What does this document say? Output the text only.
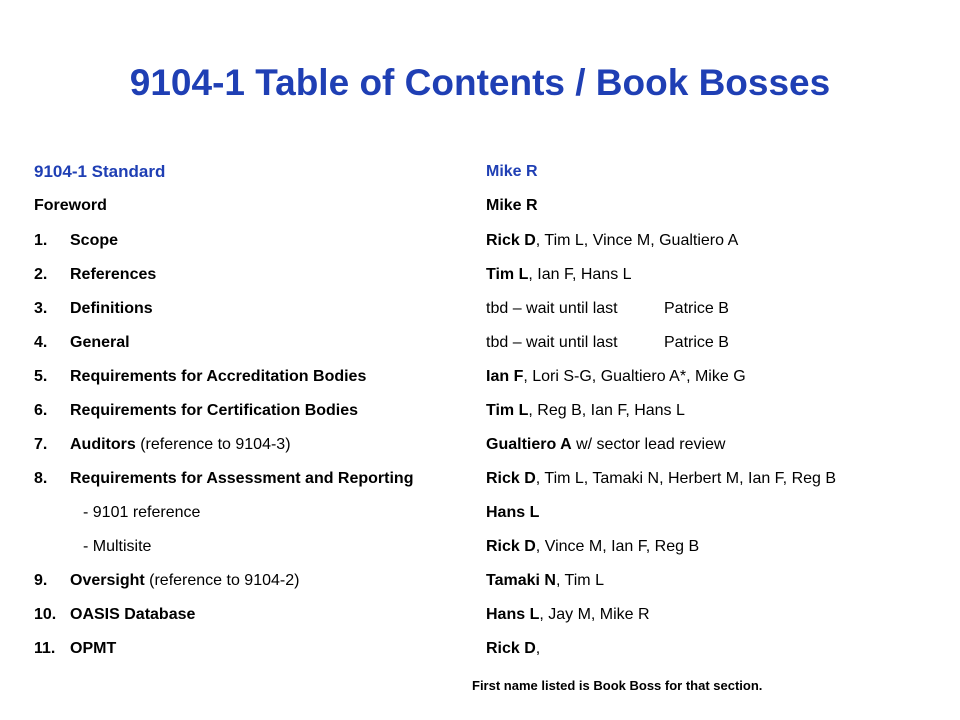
9104-1 Table of Contents / Book Bosses
9104-1 Standard	Mike R
Foreword	Mike R
1. Scope	Rick D, Tim L, Vince M, Gualtiero A
2. References	Tim L, Ian F, Hans L
3. Definitions	tbd – wait until last	Patrice B
4. General	tbd – wait until last	Patrice B
5. Requirements for Accreditation Bodies	Ian F, Lori S-G, Gualtiero A*, Mike G
6. Requirements for Certification Bodies	Tim L, Reg B, Ian F, Hans L
7. Auditors (reference to 9104-3)	Gualtiero A w/ sector lead review
8. Requirements for Assessment and Reporting	Rick D, Tim L, Tamaki N, Herbert M, Ian F, Reg B
- 9101 reference	Hans L
- Multisite	Rick D, Vince M, Ian F, Reg B
9. Oversight (reference to 9104-2)	Tamaki N, Tim L
10. OASIS Database	Hans L, Jay M, Mike R
11. OPMT	Rick D,
First name listed is Book Boss for that section.
